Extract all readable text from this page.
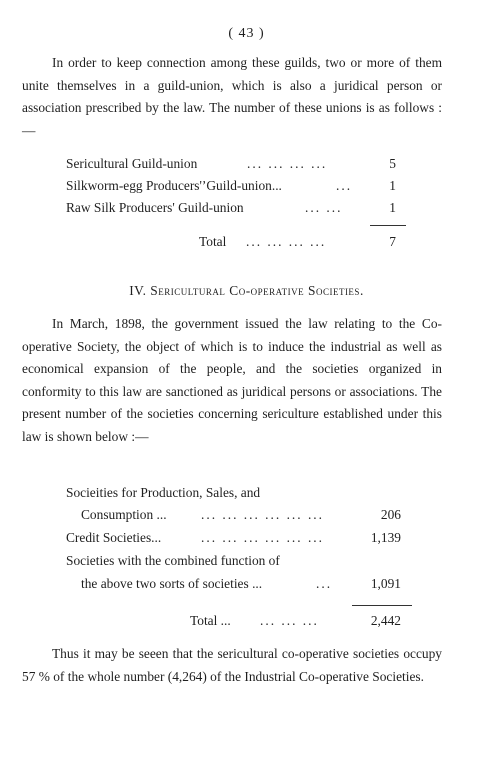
( 43 )

In order to keep connection among these guilds, two or more of them unite themselves in a guild-union, which is also a juridical person or association prescribed by the law. The number of these unions is as follows :—

Sericultural Guild-union	... ... ... ...	5
Silkworm-egg Producers'’Guild-union...	...	1
Raw Silk Producers' Guild-union	... ...	1
Total ... ... ... ...	7
IV. Sericultural Co-operative Societies.

In March, 1898, the government issued the law relating to the Co-operative Society, the object of which is to induce the industrial as well as economical expansion of the people, and the societies organized in conformity to this law are sanctioned as juridical persons or associations. The present number of the societies concerning sericulture established under this law is shown below :—

Socieities for Production, Sales, and
Consumption ...	... ... ... ... ... ...	206
Credit Societies...	... ... ... ... ... ...	1,139
Societies with the combined function of
the above two sorts of societies ...	...	1,091
Total ... ... ... ...	2,442

Thus it may be seeen that the sericultural co-operative societies occupy 57 % of the whole number (4,264) of the Industrial Co-operative Societies.
